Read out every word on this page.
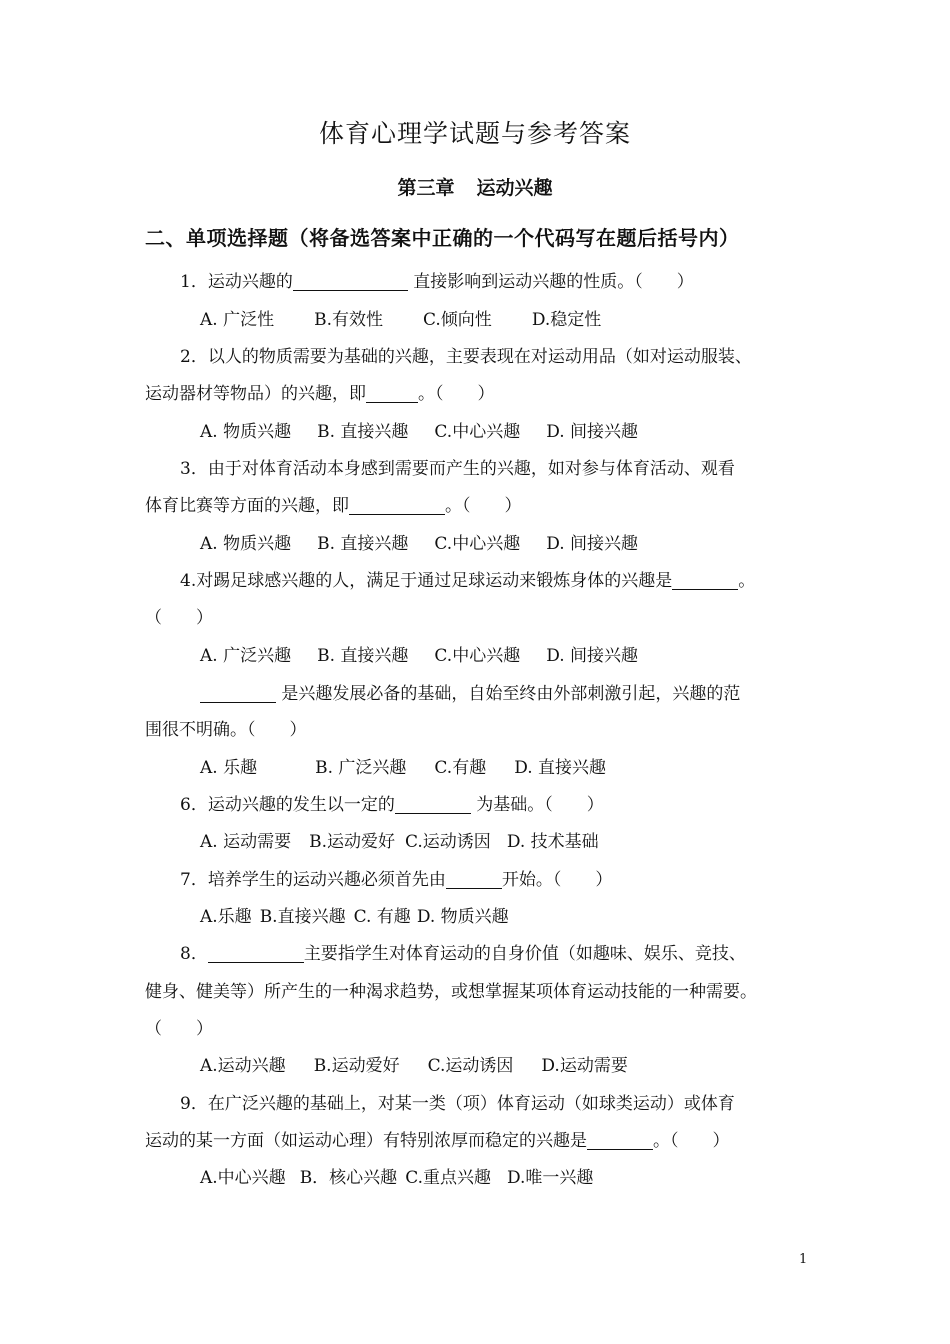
体育心理学试题与参考答案
第三章 运动兴趣
二、单项选择题（将备选答案中正确的一个代码写在题后括号内）
1．运动兴趣的	直接影响到运动兴趣的性质。（　　）
A. 广泛性 B.有效性 C.倾向性 D.稳定性
2．以人的物质需要为基础的兴趣，主要表现在对运动用品（如对运动服装、
运动器材等物品）的兴趣，即	。（　　）
A. 物质兴趣 B. 直接兴趣 C.中心兴趣 D. 间接兴趣
3．由于对体育活动本身感到需要而产生的兴趣，如对参与体育活动、观看
体育比赛等方面的兴趣，即	。（　　）
A. 物质兴趣 B. 直接兴趣 C.中心兴趣 D. 间接兴趣
4.对踢足球感兴趣的人，满足于通过足球运动来锻炼身体的兴趣是	。
（　　）
A. 广泛兴趣 B. 直接兴趣 C.中心兴趣 D. 间接兴趣
是兴趣发展必备的基础，自始至终由外部刺激引起，兴趣的范
围很不明确。（　　）
A. 乐趣	B. 广泛兴趣 C.有趣 D. 直接兴趣
6．运动兴趣的发生以一定的	为基础。（　　）
A. 运动需要 B.运动爱好 C.运动诱因 D. 技术基础
7．培养学生的运动兴趣必须首先由	开始。（　　）
A.乐趣 B.直接兴趣 C. 有趣 D. 物质兴趣
8．	主要指学生对体育运动的自身价值（如趣味、娱乐、竞技、
健身、健美等）所产生的一种渴求趋势，或想掌握某项体育运动技能的一种需要。
（　　）
A.运动兴趣 B.运动爱好 C.运动诱因 D.运动需要
9．在广泛兴趣的基础上，对某一类（项）体育运动（如球类运动）或体育
运动的某一方面（如运动心理）有特别浓厚而稳定的兴趣是	。（　　）
A.中心兴趣 B．核心兴趣 C.重点兴趣 D.唯一兴趣
1
